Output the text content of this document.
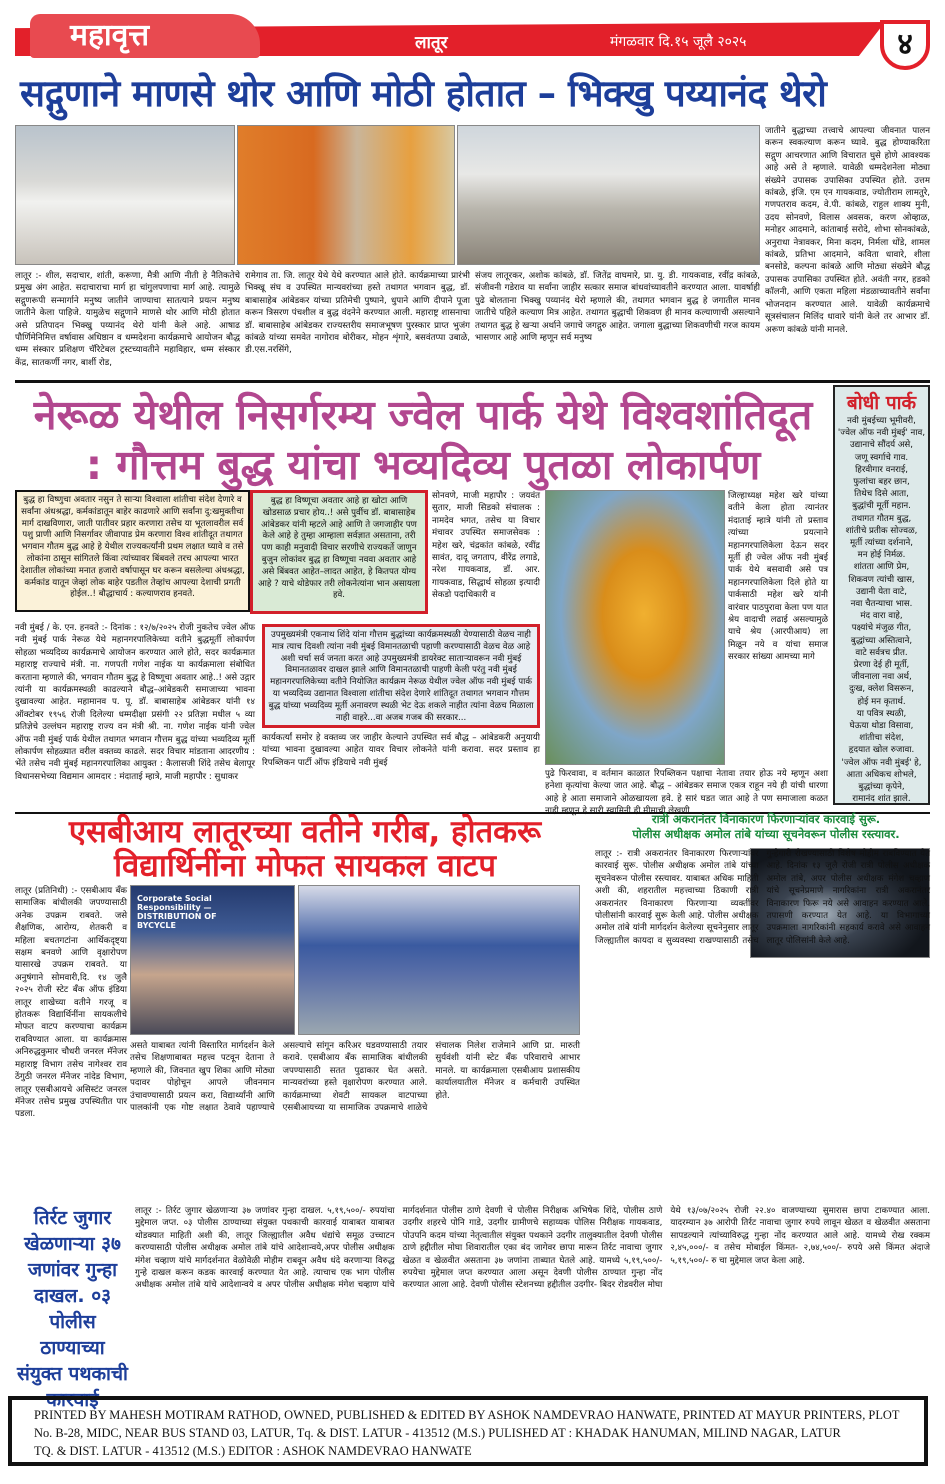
महावृत्त	लातूर	मंगळवार दि.१५ जूलै २०२५	४
सद्गुणाने माणसे थोर आणि मोठी होतात – भिक्खु पय्यानंद थेरो
लातूर :- शील, सदाचार, शांती, करूणा, मैत्री आणि नीती हे नैतिकतेचे प्रमुख अंग आहेत. सदाचाराचा मार्ग हा चांगुलपणाचा मार्ग आहे. त्यामुळे सद्गुणरूपी सन्मार्गाने मनुष्य जातीने जाण्याचा सातत्याने प्रयत्न मनुष्य जातीने केला पाहिजे. यामुळेच सद्गुणाने माणसे थोर आणि मोठी होतात असे प्रतिपादन भिक्खु पय्यानंद थेरो यांनी केले आहे. आषाढ पौर्णिमेनिमित्त वर्षावास अधिष्ठान व धम्मदेशना कार्यक्रमाचे आयोजन बौद्ध धम्म संस्कार प्रशिक्षण चॅरिटेबल ट्रस्टच्यावतीने महाविहार, धम्म संस्कार केंद्र, सातकर्णी नगर, बार्शी रोड,
रामेगाव ता. जि. लातूर येथे येथे करण्यात आले होते. कार्यक्रमाच्या प्रारंभी भिक्खू संघ व उपस्थित मान्यवरांच्या हस्ते तथागत भगवान बुद्ध, डॉ. बाबासाहेब आंबेडकर यांच्या प्रतिमेची पुष्पाने, धुपाने आणि दीपाने पूजा करून त्रिसरण पंचशील व बुद्ध वंदनेने करण्यात आली. महाराष्ट्र शासनाचा डॉ. बाबासाहेब आंबेडकर राज्यस्तरीय समाजभूषण पुरस्कार प्राप्त भुजंग कांबळे यांच्या समवेत नागोराव बोरीकर, मोहन शृंगारे, बसवंतप्पा उबाळे, डी.एस.नरसिंगे,
संजय लातूरकर, अशोक कांबळे, डॉ. जितेंद्र वाघमारे, प्रा. यु. डी. गायकवाड, रवींद्र कांबळे, संजीवनी गडेराव या सर्वांना जाहीर सत्कार समाज बांधवांच्यावतीने करण्यात आला. यावर्षाही पुढे बोलताना भिक्खु पय्यानंद थेरो म्हणाले की, तथागत भगवान बुद्ध हे जगातील मानव जातीचे पहिले कल्याण मित्र आहेत. तथागत बुद्धाची शिकवण ही मानव कल्याणाची असल्याने तथागत बुद्ध हे खऱ्या अर्थाने जगाचे जगद्गुरु आहेत. जगाला बुद्धाच्या शिकवणीची गरज कायम भासणार आहे आणि म्हणून सर्व मनुष्य
जातीने बुद्धाच्या तत्त्वाचे आपल्या जीवनात पालन करून स्वकल्याण करून घ्यावे. बुद्ध होण्याकरिता सद्गुण आचरणात आणि विचारात घुसे होणे आवश्यक आहे असे ते म्हणाले. यावेळी धम्मदेशनेला मोठ्या संख्येने उपासक उपासिका उपस्थित होते. उत्तम कांबळे, इंजि. एम एन गायकवाड, ज्योतीराम लामतुरे, गणपतराव कदम, वे.पी. कांबळे, राहुल शाक्य मुनी, उदय सोनवणे, विलास अवसक, करण ओव्हाळ, मनोहर आदमाने, कांताबाई सरोदे, शोभा सोनकांबळे, अनुराधा नेत्रावकर, मिना कदम, निर्मला धोंडे, शामल कांबळे, प्रतिभा आदमाने, कविता धावारे, शीला बनसोडे, कल्पना कांबळे आणि मोठ्या संख्येने बौद्ध उपासक उपासिका उपस्थित होते. अवंती नगर, हडको कॉलनी, आणि एकता महिला मंडळाच्यावतीने सर्वांना भोजनदान करण्यात आले. यावेळी कार्यक्रमाचे सूत्रसंचालन मिलिंद धावारे यांनी केले तर आभार डॉ. अरूण कांबळे यांनी मानले.
नेरूळ येथील निसर्गरम्य ज्वेल पार्क येथे विश्वशांतिदूत
: गौत्तम बुद्ध यांचा भव्यदिव्य पुतळा लोकार्पण
बोधी पार्क
नवी मुंबईच्या भूमीवरी,
'ज्वेल ऑफ नवी मुंबई' नाव,
उद्यानाचे सौंदर्य असे,
जणू स्वर्गाचे गाव.
हिरवीगार वनराई,
फुलांचा बहर छान,
तिथेच दिसे आता,
बुद्धांची मूर्ती महान.
तथागत गौतम बुद्ध,
शांतीचे प्रतीक सोज्वळ,
मूर्ती त्यांच्या दर्शनाने,
मन होई निर्मळ.
शांतता आणि प्रेम,
शिकवण त्यांची खास,
उद्यानी येता वाटे,
नवा चैतन्याचा भास.
मंद वारा वाहे,
पक्ष्यांचे मंजुळ गीत,
बुद्धांच्या अस्तित्वाने,
वाटे सर्वत्रच प्रीत.
प्रेरणा देई ही मूर्ती,
जीवनाला नवा अर्थ,
दुःख, क्लेश विसरून,
होई मन कृतार्थ.
या पवित्र स्थळी,
घेऊया थोडा विसावा,
शांतीचा संदेश,
हृदयात खोल रुजावा.
'ज्वेल ऑफ नवी मुंबई' हे,
आता अधिकच शोभले,
बुद्धांच्या कृपेने,
रामानंद शांत झाले.
बुद्ध हा विष्णुचा अवतार नसुन ते साऱ्या विश्वाला शांतीचा संदेश देणारे व सर्वांना अंधश्रद्धा, कर्मकांडातून बाहेर काढणारे आणि सर्वांना दु:खमुक्तीचा मार्ग दाखविणारा, जाती पातीवर प्रहार करणारा तसेच या भूतलावरील सर्व पशु प्राणी आणि निसर्गावर जीवापाड प्रेम करणारा विश्व शांतीदूत तथागत भगवान गौतम बुद्ध आहे हे येथील राज्यकर्त्यांनी प्रथम लक्षात घ्यावे व तसे लोकांना ठासून सांगितले किंवा त्यांच्यावर बिंबवले तरच आपल्या भारत देशातील लोकांच्या मनात हजारो वर्षापासून घर करून बसलेल्या अंधश्रद्धा, कर्मकांड यातून जेव्हां लोक बाहेर पडतील तेव्हांच आपल्या देशाची प्रगती होईल..! बौद्धाचार्य : कल्याणराव हनवते.
बुद्ध हा विष्णूचा अवतार आहे हा खोटा आणि खोडसाळ प्रचार होय..! असे पुर्वीच डॉ. बाबासाहेब आंबेडकर यांनी म्हटले आहे आणि ते जगजाहीर पण केले आहे हे तुम्हा आम्हाला सर्वज्ञात असताना, तरी पण काही मनुवादी विचार सरणीचे राज्यकर्ते जाणुन बुजुन लोकांवर बुद्ध हा विष्णूचा नववा अवतार आहे असे बिंबवत आहेत–लादत आहेत, हे कितपत योग्य आहे ? याचे थोडेफार तरी लोकनेत्यांना भान असायला हवे.
सोनवणे, माजी महापौर : जयवंत सुतार, माजी सिडको संचालक : नामदेव भगत, तसेच या विचार मंचावर उपस्थित समाजसेवक : महेश खरे, चंद्रकांत कांबळे, रवींद्र सावंत, दादू जगताप, वीरेंद्र लगाडे, नरेश गायकवाड, डॉ. आर. गायकवाड, सिद्धार्थ सोहळा इत्यादी सेकडो पदाधिकारी व
जिल्हाध्यक्ष महेश खरे यांच्या वतीने केला होता त्यानंतर मंदाताई म्हात्रे यांनी तो प्रस्ताव त्यांच्या प्रयत्नाने महानगरपालिकेला देऊन सदर मूर्ती ही ज्वेल ऑफ नवी मुंबई पार्क येथे बसवावी असे पत्र महानगरपालिकेला दिले होते या पार्कसाठी महेश खरे यांनी वारंवार पाठपुरावा केला पण यात श्रेय वादाची लढाई असल्यामुळे याचे श्रेय (आरपीआय) ला मिळून नये व यांचा समाज सरकार सांख्या आमच्या मागे
नवी मुंबई / के. एन. हनवते :- दिनांक : १२/७/२०२५ रोजी नुकतेच ज्वेल ऑफ नवी मुंबई पार्क नेरूळ येथे महानगरपालिकेच्या वतीने बुद्धमूर्ती लोकार्पण सोहळा भव्यदिव्य कार्यक्रमाचे आयोजन करण्यात आले होते, सदर कार्यक्रमात महाराष्ट्र राज्याचे मंत्री. ना. गणपती गणेश नाईक या कार्यक्रमाला संबोधित करताना म्हणाले की, भगवान गौतम बुद्ध हे विष्णूचा अवतार आहे..! असे उद्गार त्यांनी या कार्यक्रमस्थळी काढल्याने बौद्ध–आंबेडकरी समाजाच्या भावना दुखावल्या आहेत. महामानव प. पू. डॉ. बाबासाहेब आंबेडकर यांनी १४ ऑक्टोबर १९५६ रोजी दिलेल्या धम्मदीक्षा प्रसंगी २२ प्रतिज्ञा मधील ५ व्या प्रतिज्ञेचे उल्लंघन महाराष्ट्र राज्य वन मंत्री श्री. ना. गणेश नाईक यांनी ज्वेल ऑफ नवी मुंबई पार्क येथील तथागत भगवान गौत्तम बुद्ध यांच्या भव्यदिव्य मूर्ती लोकार्पण सोहळ्यात वरील वक्तव्य काढले. सदर विचार मांडताना आदरणीय : भेंते तसेच नवी मुंबई महानगरपालिका आयुक्त : कैलासजी शिंदे तसेच बेलापूर विधानसभेच्या विद्यमान आमदार : मंदाताई म्हात्रे, माजी महापौर : सुधाकर
उपमुख्यमंत्री एकनाथ शिंदे यांना गौत्तम बुद्धांच्या कार्यक्रमस्थळी येण्यासाठी वेळच नाही मात्र त्याच दिवशी त्यांना नवी मुंबई विमानतळाची पहाणी करण्यासाठी वेळच वेळ आहे अशी चर्चा सर्व जनता करत आहे उपमुख्यमंत्री डायरेक्ट साताऱ्यावरून नवी मुंबई विमानतळावर दाखल झाले आणि विमानतळाची पाहणी केली परंतु नवी मुंबई महानगरपालिकेच्या वतीने नियोजित कार्यक्रम नेरूळ येथील ज्वेल ऑफ नवी मुंबई पार्क या भव्यदिव्य उद्यानात विश्वाला शांतीचा संदेश देणारे शांतिदूत तथागत भगवान गौत्तम बुद्ध यांच्या भव्यदिव्य मूर्ती अनावरण स्थळी भेट देऊ शकले नाहीत त्यांना वेळच मिळाला नाही वाहरे...वा अजब गजब की सरकार...
कार्यकर्त्यां समोर हे वक्तव्य जर जाहीर केल्याने उपस्थित सर्व बौद्ध – आंबेडकरी अनुयायी यांच्या भावना दुखावल्या आहेत यावर विचार लोकनेते यांनी करावा. सदर प्रस्ताव हा रिपब्लिकन पार्टी ऑफ इंडियाचे नवी मुंबई
पुढे फिरवावा, व वर्तमान काळात रिपब्लिकन पक्षाचा नेतावा तयार होऊ नये म्हणून अशा हनेशा कृत्यांचा केल्या जात आहे. बौद्ध – आंबेडकर समाज एकत्र राहून नये ही यांची धारणा आहे हे आता समाजाने ओळखायला हवे. हे सारं घडत जात आहे ते पण समाजाला कळत
एसबीआय लातूरच्या वतीने गरीब, होतकरू
विद्यार्थिनींना मोफत सायकल वाटप
लातूर (प्रतिनिधी) :- एसबीआय बँक सामाजिक बांधीलकी जपण्यासाठी अनेक उपक्रम राबवते. जसे शैक्षणिक, आरोग्य, शेतकरी व महिला बचतगटांना आर्थिकदृष्ट्या सक्षम बनवणे आणि वृक्षारोपण यासारखे उपक्रम राबवते. या अनुषंगाने सोमवारी,दि. १४ जुलै २०२५ रोजी स्टेट बँक ऑफ इंडिया लातूर शाखेच्या वतीने गरजू व होतकरू विद्यार्थिनींना सायकलीचे मोफत वाटप करण्याचा कार्यक्रम राबविण्यात आला. या कार्यक्रमास अनिरुद्धकुमार चौधरी जनरल मॅनेजर महाराष्ट्र विभाग तसेच नागेश्वर राव ठेंगुठी जनरल मॅनेजर नांदेड विभाग, लातूर एसबीआयचे असिस्टंट जनरल मॅनेजर तसेच प्रमुख उपस्थितीत पार पडला.
Corporate Social Responsibility — DISTRIBUTION OF BYCYCLE
असते याबाबत त्यांनी विस्तारित मार्गदर्शन केले तसेच शिक्षणाबाबत महत्त्व पटवून देताना ते म्हणाले की, जिवनात खुप शिका आणि मोठ्या पदावर पोहोचून आपले जीवनमान उंचावण्यासाठी प्रयत्न करा, विद्यार्थ्यांनी आणि पालकांनी एक गोष्ट लक्षात ठेवावे पहाण्याचे असल्याचे सांगून करिअर घडवण्यासाठी तयार करावे. एसबीआय बँक सामाजिक बांधीलकी जपण्यासाठी सतत पुढाकार घेत असते. मान्यवरांच्या हस्ते वृक्षारोपण करण्यात आले. कार्यक्रमाच्या शेवटी सायकल वाटपाच्या एसबीआयच्या या सामाजिक उपक्रमाचे शाळेचे संचालक निलेश राजेमाने आणि प्रा. मारुती सुर्यवंशी यांनी स्टेट बँक परिवाराचे आभार मानले. या कार्यक्रमाला एसबीआय प्रशासकीय कार्यालयातील मॅनेजर व कर्मचारी उपस्थित होते.
रात्री अकरानंतर विनाकारण फिरणाऱ्यांवर कारवाई सुरू.
पोलीस अधीक्षक अमोल तांबे यांच्या सूचनेवरून पोलीस रस्त्यावर.
लातूर :- रात्री अकरानंतर विनाकारण फिरणाऱ्यांवर कारवाई सुरू. पोलीस अधीक्षक अमोल तांबे यांच्या सूचनेवरून पोलीस रस्त्यावर. याबाबत अधिक माहिती अशी की, शहरातील महत्त्वाच्या ठिकाणी रात्री अकरानंतर विनाकारण फिरणाऱ्या व्यक्तींवर पोलीसांनी कारवाई सुरू केली आहे. पोलीस अधीक्षक अमोल तांबे यांनी मार्गदर्शन केलेल्या सूचनेनुसार लातूर जिल्ह्यातील कायदा व सुव्यवस्था राखण्यासाठी तसेच गुन्हेगारी रोखण्यासाठी विशेष मोहीम राबविण्यात येत आहे. दिनांक १३ जुलै रोजी रात्री पोलीस अधीक्षक अमोल तांबे, अपर पोलीस अधीक्षक मंगेश चव्हाण यांचे सूचनेप्रमाणे नागरिकांना रात्री अकरानंतर विनाकारण फिरू नये असे आवाहन करण्यात आले. तपासणी करण्यात येत आहे. या विभागाच्या उपक्रमाला नागरिकांनी सहकार्य करावे असे आवाहन लातूर पोलिसांनी केले आहे.
तिर्रट जुगार खेळणाऱ्या ३७ जणांवर गुन्हा दाखल. ०३ पोलीस ठाण्याच्या संयुक्त पथकाची कारवाई
लातूर :- तिर्रट जुगार खेळणाऱ्या ३७ जणांवर गुन्हा दाखल. ५,१९,५००/- रुपयांचा मुद्देमाल जप्त. ०३ पोलीस ठाण्याच्या संयुक्त पथकाची कारवाई याबाबत याबाबत थोडक्यात माहिती अशी की, लातूर जिल्ह्यातील अवैध धंद्यांचे समूळ उच्चाटन करण्यासाठी पोलीस अधीक्षक अमोल तांबे यांचे आदेशान्वये,अपर पोलीस अधीक्षक मंगेश चव्हाण यांचे मार्गदर्शनात वेळोवेळी मोहीम राबवून अवैध धंदे करणाऱ्या विरुद्ध गुन्हे दाखल करून कडक कारवाई करण्यात येत आहे. त्याचाच एक भाग पोलीस अधीक्षक अमोल तांबे यांचे आदेशान्वये व अपर पोलीस अधीक्षक मंगेश चव्हाण यांचे मार्गदर्शनात पोलीस ठाणे देवणी चे पोलीस निरीक्षक अभिषेक शिंदे, पोलीस ठाणे उदगीर शहरचे पोनि गाडे, उदगीर ग्रामीणचे सहाय्यक पोलिस निरीक्षक गायकवाड, पोउपनि कदम यांच्या नेतृत्वातील संयुक्त पथकाने उदगीर तालुक्यातील देवणी पोलीस ठाणे हद्दीतील मोघा शिवारातील एका बंद जागेवर छापा मारून तिर्रट नावाचा जुगार खेळत व खेळवीत असताना ३७ जणांना ताब्यात घेतले आहे. यामध्ये ५,१९,५००/- रुपयेचा मुद्देमाल जप्त करण्यात आला असून देवणी पोलीस ठाण्यात गुन्हा नोंद करण्यात आला आहे. देवणी पोलीस स्टेशनच्या हद्दीतील उदगीर- बिदर रोडवरील मोघा येथे १३/०७/२०२५ रोजी २२.४० वाजण्याच्या सुमारास छापा टाकण्यात आला. यादरम्यान ३७ आरोपी तिर्रट नावाचा जुगार रुपये लावून खेळत व खेळवीत असताना सापडल्याने त्यांच्याविरुद्ध गुन्हा नोंद करण्यात आले आहे. यामध्ये रोख रक्कम २,४५,०००/- व तसेच मोबाईल किंमत- २,७४,५००/- रुपये असे किंमत अंदाजे ५,१९,५००/- रु चा मुद्देमाल जप्त केला आहे.
PRINTED BY MAHESH MOTIRAM RATHOD, OWNED, PUBLISHED & EDITED BY ASHOK NAMDEVRAO HANWATE, PRINTED AT MAYUR PRINTERS, PLOT
No. B-28, MIDC, NEAR BUS STAND 03, LATUR, Tq. & DIST. LATUR - 413512 (M.S.) PULISHED AT : KHADAK HANUMAN, MILIND NAGAR, LATUR
TQ. & DIST. LATUR - 413512 (M.S.) EDITOR : ASHOK NAMDEVRAO HANWATE
